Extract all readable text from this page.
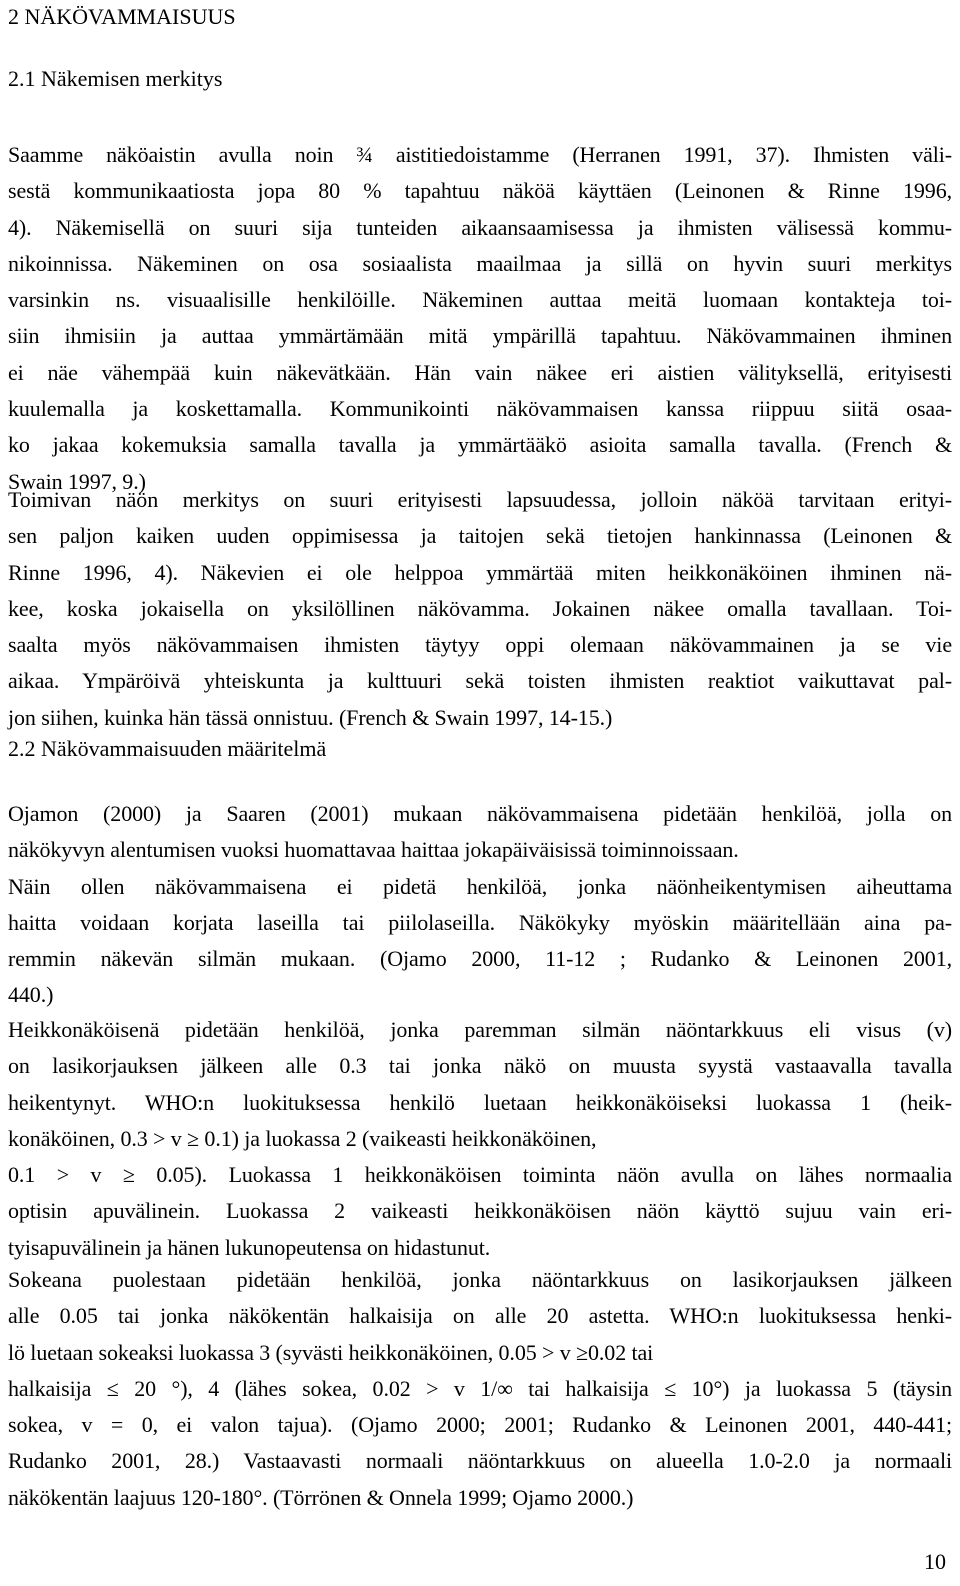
2 NÄKÖVAMMAISUUS
2.1 Näkemisen merkitys
Saamme näköaistin avulla noin ¾ aistitiedoistamme (Herranen 1991, 37). Ihmisten väli-
sestä kommunikaatiosta jopa 80 % tapahtuu näköä käyttäen (Leinonen & Rinne 1996,
4). Näkemisellä on suuri sija tunteiden aikaansaamisessa ja ihmisten välisessä kommu-
nikoinnissa. Näkeminen on osa sosiaalista maailmaa ja sillä on hyvin suuri merkitys
varsinkin ns. visuaalisille henkilöille. Näkeminen auttaa meitä luomaan kontakteja toi-
siin ihmisiin ja auttaa ymmärtämään mitä ympärillä tapahtuu. Näkövammainen ihminen
ei näe vähempää kuin näkevätkään. Hän vain näkee eri aistien välityksellä, erityisesti
kuulemalla ja koskettamalla. Kommunikointi näkövammaisen kanssa riippuu siitä osaa-
ko jakaa kokemuksia samalla tavalla ja ymmärtääkö asioita samalla tavalla. (French &
Swain 1997, 9.)
Toimivan näön merkitys on suuri erityisesti lapsuudessa, jolloin näköä tarvitaan erityi-
sen paljon kaiken uuden oppimisessa ja taitojen sekä tietojen hankinnassa (Leinonen &
Rinne 1996, 4). Näkevien ei ole helppoa ymmärtää miten heikkonäköinen ihminen nä-
kee, koska jokaisella on yksilöllinen näkövamma. Jokainen näkee omalla tavallaan. Toi-
saalta myös näkövammaisen ihmisten täytyy oppi olemaan näkövammainen ja se vie
aikaa. Ympäröivä yhteiskunta ja kulttuuri sekä toisten ihmisten reaktiot vaikuttavat pal-
jon siihen, kuinka hän tässä onnistuu. (French & Swain 1997, 14-15.)
2.2 Näkövammaisuuden määritelmä
Ojamon (2000) ja Saaren (2001) mukaan näkövammaisena pidetään henkilöä, jolla on
näkökyvyn alentumisen vuoksi huomattavaa haittaa jokapäiväisissä toiminnoissaan.
Näin ollen näkövammaisena ei pidetä henkilöä, jonka näönheikentymisen aiheuttama
haitta voidaan korjata laseilla tai piilolaseilla. Näkökyky myöskin määritellään aina pa-
remmin näkevän silmän mukaan. (Ojamo 2000, 11-12 ; Rudanko & Leinonen 2001,
440.)
Heikkonäköisenä pidetään henkilöä, jonka paremman silmän näöntarkkuus eli visus (v)
on lasikorjauksen jälkeen alle 0.3 tai jonka näkö on muusta syystä vastaavalla tavalla
heikentynyt. WHO:n luokituksessa henkilö luetaan heikkonäköiseksi luokassa 1 (heik-
konäköinen, 0.3 > v ≥ 0.1) ja luokassa 2 (vaikeasti heikkonäköinen,
0.1 > v ≥ 0.05). Luokassa 1 heikkonäköisen toiminta näön avulla on lähes normaalia
optisin apuvälinein. Luokassa 2 vaikeasti heikkonäköisen näön käyttö sujuu vain eri-
tyisapuvälinein ja hänen lukunopeutensa on hidastunut.
Sokeana puolestaan pidetään henkilöä, jonka näöntarkkuus on lasikorjauksen jälkeen
alle 0.05 tai jonka näkökentän halkaisija on alle 20 astetta. WHO:n luokituksessa henki-
lö luetaan sokeaksi luokassa 3 (syvästi heikkonäköinen, 0.05 > v ≥0.02 tai
halkaisija ≤ 20 °), 4 (lähes sokea, 0.02 > v 1/∞ tai halkaisija ≤ 10°) ja luokassa 5 (täysin
sokea, v = 0, ei valon tajua). (Ojamo 2000; 2001; Rudanko & Leinonen 2001, 440-441;
Rudanko 2001, 28.) Vastaavasti normaali näöntarkkuus on alueella 1.0-2.0 ja normaali
näkökentän laajuus 120-180°. (Törrönen & Onnela 1999; Ojamo 2000.)
10
